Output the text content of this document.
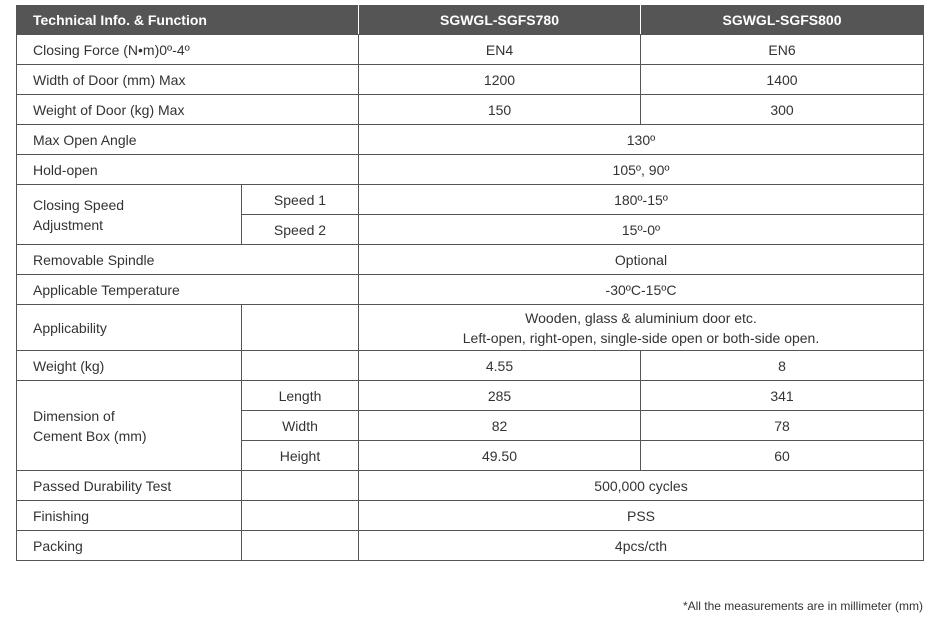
Technical Info. & Function		SGWGL-SGFS780	SGWGL-SGFS800
Closing Force (N•m)0º-4º		EN4	EN6
Width of Door (mm) Max		1200	1400
Weight of Door (kg) Max		150	300
Max Open Angle		130º	
Hold-open		105º, 90º	

Closing Speed
Adjustment	Speed 1	180º-15º	
	Speed 2	15º-0º	
Removable Spindle		Optional	
Applicable Temperature		-30ºC-15ºC	
Applicability		Wooden, glass & aluminium door etc.
Left-open, right-open, single-side open or both-side open.	

Weight (kg)		4.55	8

Dimension of
Cement Box (mm)	Length	285	341
	Width	82	78
	Height	49.50	60
Passed Durability Test		500,000 cycles	
Finishing		PSS	
Packing		4pcs/cth	
*All the measurements are in millimeter (mm)
